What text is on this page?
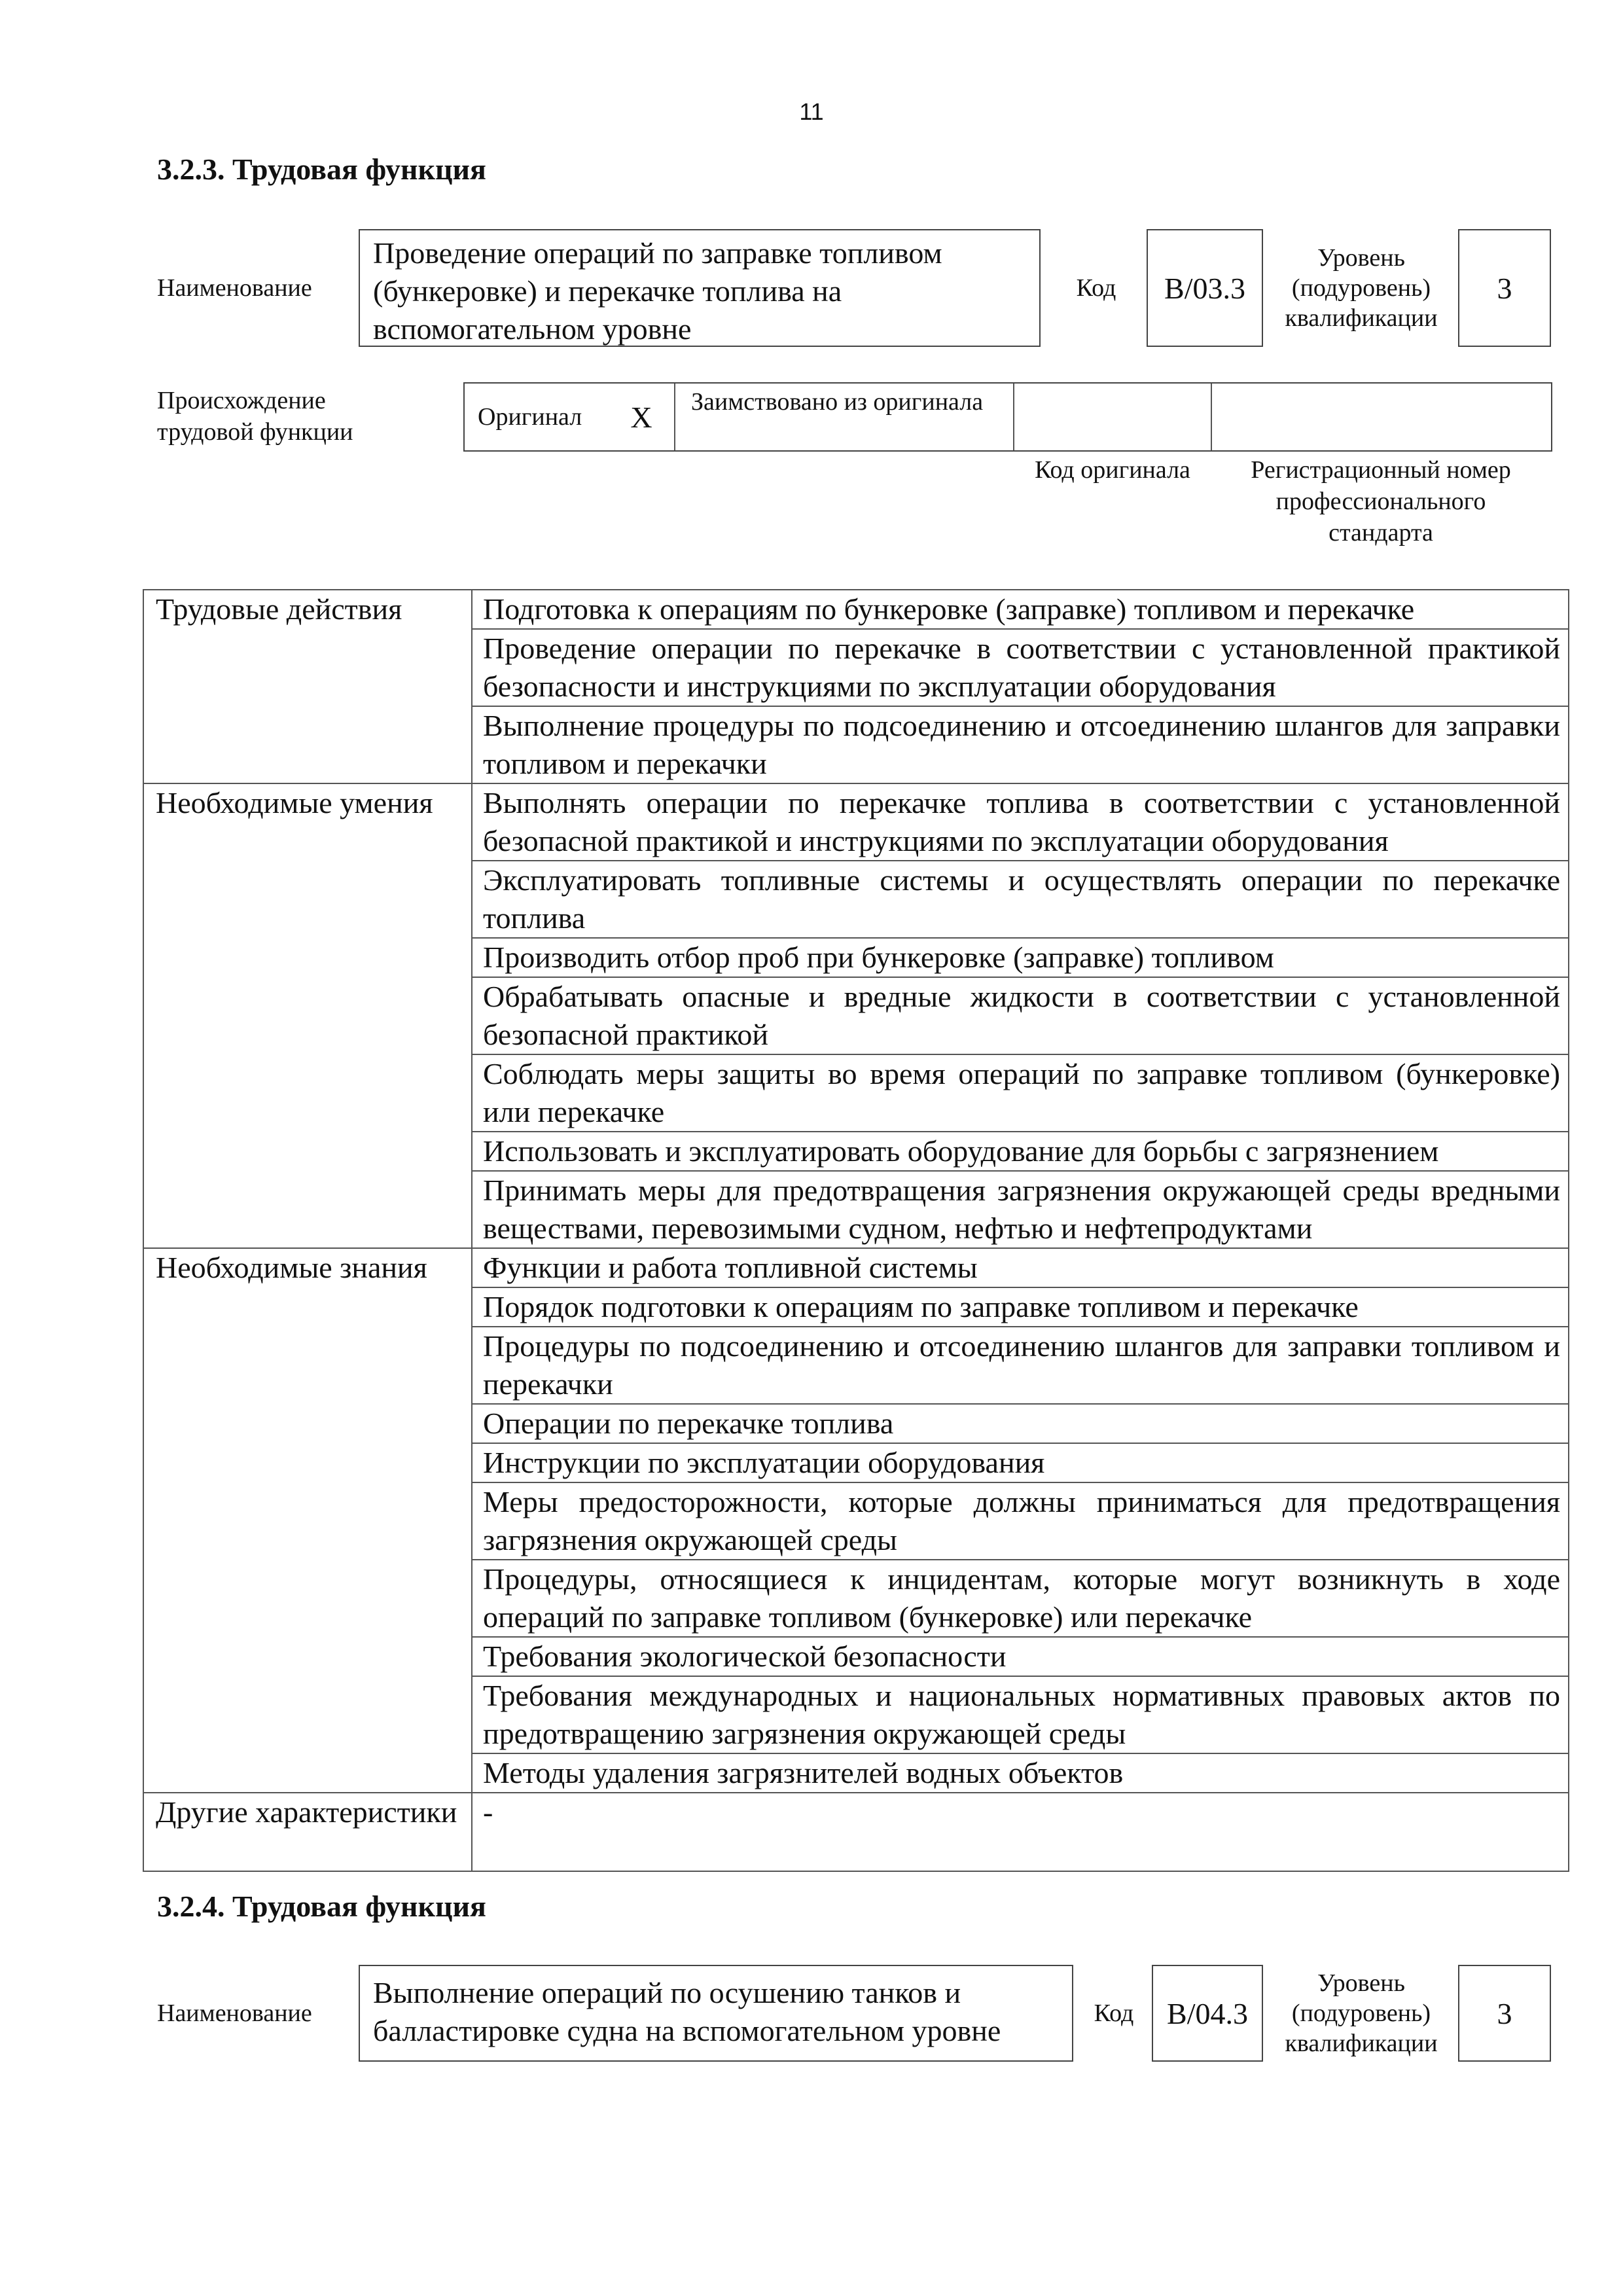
11
3.2.3. Трудовая функция
Наименование
Проведение операций по заправке топливом (бункеровке) и перекачке топлива на вспомогательном уровне
Код	В/03.3
Уровень (подуровень) квалификации
3
Происхождение трудовой функции
Оригинал X	Заимствовано из оригинала
Код оригинала	Регистрационный номер профессионального стандарта
Трудовые действия	Подготовка к операциям по бункеровке (заправке) топливом и перекачке
	Проведение операции по перекачке в соответствии с установленной практикой безопасности и инструкциями по эксплуатации оборудования
	Выполнение процедуры по подсоединению и отсоединению шлангов для заправки топливом и перекачки
Необходимые умения	Выполнять операции по перекачке топлива в соответствии с установленной безопасной практикой и инструкциями по эксплуатации оборудования
	Эксплуатировать топливные системы и осуществлять операции по перекачке топлива
	Производить отбор проб при бункеровке (заправке) топливом
	Обрабатывать опасные и вредные жидкости в соответствии с установленной безопасной практикой
	Соблюдать меры защиты во время операций по заправке топливом (бункеровке) или перекачке
	Использовать и эксплуатировать оборудование для борьбы с загрязнением
	Принимать меры для предотвращения загрязнения окружающей среды вредными веществами, перевозимыми судном, нефтью и нефтепродуктами
Необходимые знания	Функции и работа топливной системы
	Порядок подготовки к операциям по заправке топливом и перекачке
	Процедуры по подсоединению и отсоединению шлангов для заправки топливом и перекачки
	Операции по перекачке топлива
	Инструкции по эксплуатации оборудования
	Меры предосторожности, которые должны приниматься для предотвращения загрязнения окружающей среды
	Процедуры, относящиеся к инцидентам, которые могут возникнуть в ходе операций по заправке топливом (бункеровке) или перекачке
	Требования экологической безопасности
	Требования международных и национальных нормативных правовых актов по предотвращению загрязнения окружающей среды
	Методы удаления загрязнителей водных объектов
Другие характеристики	-
3.2.4. Трудовая функция
Наименование
Выполнение операций по осушению танков и балластировке судна на вспомогательном уровне
Код	В/04.3
Уровень (подуровень) квалификации
3
